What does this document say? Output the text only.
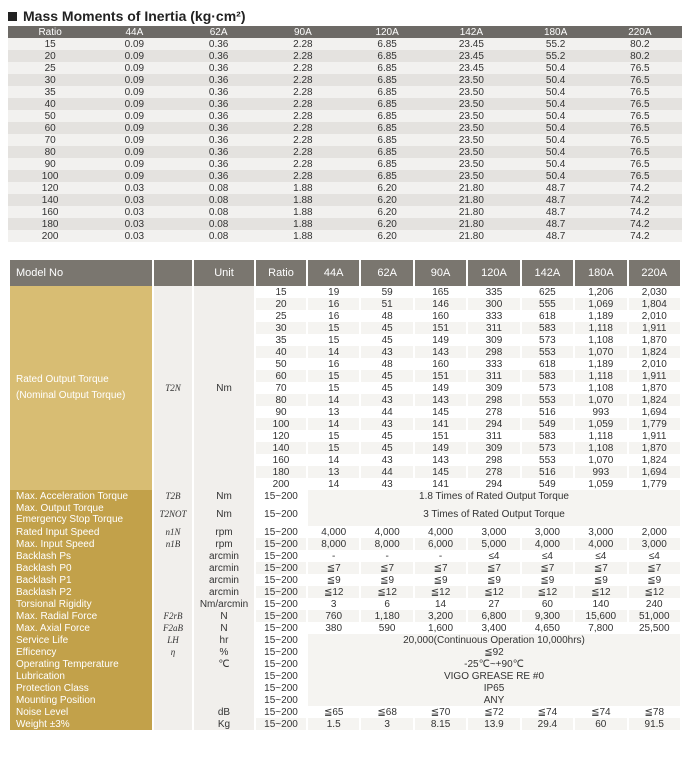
Mass Moments of Inertia (kg·cm²)
Ratio	44A	62A	90A	120A	142A	180A	220A
15	0.09	0.36	2.28	6.85	23.45	55.2	80.2
20	0.09	0.36	2.28	6.85	23.45	55.2	80.2
25	0.09	0.36	2.28	6.85	23.45	50.4	76.5
30	0.09	0.36	2.28	6.85	23.50	50.4	76.5
35	0.09	0.36	2.28	6.85	23.50	50.4	76.5
40	0.09	0.36	2.28	6.85	23.50	50.4	76.5
50	0.09	0.36	2.28	6.85	23.50	50.4	76.5
60	0.09	0.36	2.28	6.85	23.50	50.4	76.5
70	0.09	0.36	2.28	6.85	23.50	50.4	76.5
80	0.09	0.36	2.28	6.85	23.50	50.4	76.5
90	0.09	0.36	2.28	6.85	23.50	50.4	76.5
100	0.09	0.36	2.28	6.85	23.50	50.4	76.5
120	0.03	0.08	1.88	6.20	21.80	48.7	74.2
140	0.03	0.08	1.88	6.20	21.80	48.7	74.2
160	0.03	0.08	1.88	6.20	21.80	48.7	74.2
180	0.03	0.08	1.88	6.20	21.80	48.7	74.2
200	0.03	0.08	1.88	6.20	21.80	48.7	74.2
Model No		Unit	Ratio	44A	62A	90A	120A	142A	180A	220A

Rated Output Torque
(Nominal Output Torque)	T2N	Nm	15	19	59	165	335	625	1,206	2,030
			20	16	51	146	300	555	1,069	1,804
			25	16	48	160	333	618	1,189	2,010
			30	15	45	151	311	583	1,118	1,911
			35	15	45	149	309	573	1,108	1,870
			40	14	43	143	298	553	1,070	1,824
			50	16	48	160	333	618	1,189	2,010
			60	15	45	151	311	583	1,118	1,911
			70	15	45	149	309	573	1,108	1,870
			80	14	43	143	298	553	1,070	1,824
			90	13	44	145	278	516	993	1,694
			100	14	43	141	294	549	1,059	1,779
			120	15	45	151	311	583	1,118	1,911
			140	15	45	149	309	573	1,108	1,870
			160	14	43	143	298	553	1,070	1,824
			180	13	44	145	278	516	993	1,694
			200	14	43	141	294	549	1,059	1,779
Max. Acceleration Torque	T2B	Nm	15~200	1.8 Times of Rated Output Torque						

Max. Output Torque
Emergency Stop Torque	T2NOT	Nm	15~200	3 Times of Rated Output Torque						
Rated Input Speed	n1N	rpm	15~200	4,000	4,000	4,000	3,000	3,000	3,000	2,000
Max. Input Speed	n1B	rpm	15~200	8,000	8,000	6,000	5,000	4,000	4,000	3,000
Backlash Ps		arcmin	15~200	-	-	-	≤4	≤4	≤4	≤4
Backlash P0		arcmin	15~200	≦7	≦7	≦7	≦7	≦7	≦7	≦7
Backlash P1		arcmin	15~200	≦9	≦9	≦9	≦9	≦9	≦9	≦9
Backlash P2		arcmin	15~200	≦12	≦12	≦12	≦12	≦12	≦12	≦12
Torsional Rigidity		Nm/arcmin	15~200	3	6	14	27	60	140	240
Max. Radial Force	F2rB	N	15~200	760	1,180	3,200	6,800	9,300	15,600	51,000
Max. Axial Force	F2aB	N	15~200	380	590	1,600	3,400	4,650	7,800	25,500
Service Life	LH	hr	15~200	20,000(Continuous Operation 10,000hrs)						
Efficency	η	%	15~200	≦92						
Operating Temperature		℃	15~200	-25℃~+90℃						
Lubrication			15~200	VIGO GREASE RE #0						
Protection Class			15~200	IP65						
Mounting Position			15~200	ANY						
Noise Level		dB	15~200	≦65	≦68	≦70	≦72	≦74	≦74	≦78
Weight ±3%		Kg	15~200	1.5	3	8.15	13.9	29.4	60	91.5
